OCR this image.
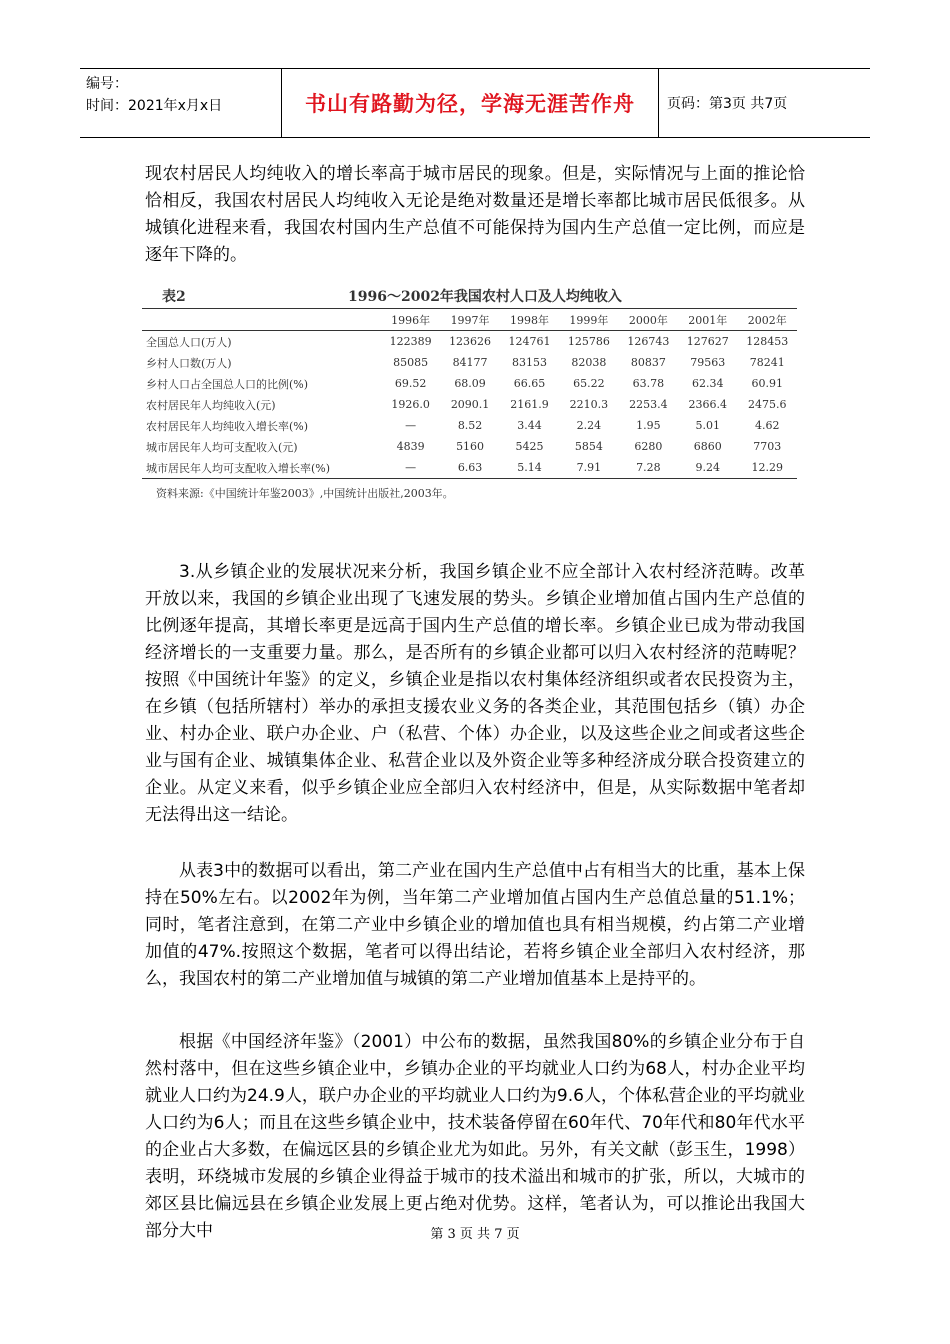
编号：
时间：2021年x月x日	书山有路勤为径，学海无涯苦作舟	页码：第3页 共7页
现农村居民人均纯收入的增长率高于城市居民的现象。但是，实际情况与上面的推论恰恰相反，我国农村居民人均纯收入无论是绝对数量还是增长率都比城市居民低很多。从城镇化进程来看，我国农村国内生产总值不可能保持为国内生产总值一定比例，而应是逐年下降的。
表2	1996～2002年我国农村人口及人均纯收入
	1996年	1997年	1998年	1999年	2000年	2001年	2002年
全国总人口(万人)	122389	123626	124761	125786	126743	127627	128453
乡村人口数(万人)	85085	84177	83153	82038	80837	79563	78241
乡村人口占全国总人口的比例(%)	69.52	68.09	66.65	65.22	63.78	62.34	60.91
农村居民年人均纯收入(元)	1926.0	2090.1	2161.9	2210.3	2253.4	2366.4	2475.6
农村居民年人均纯收入增长率(%)	—	8.52	3.44	2.24	1.95	5.01	4.62
城市居民年人均可支配收入(元)	4839	5160	5425	5854	6280	6860	7703
城市居民年人均可支配收入增长率(%)	—	6.63	5.14	7.91	7.28	9.24	12.29
资料来源:《中国统计年鉴2003》,中国统计出版社,2003年。
3.从乡镇企业的发展状况来分析，我国乡镇企业不应全部计入农村经济范畴。改革开放以来，我国的乡镇企业出现了飞速发展的势头。乡镇企业增加值占国内生产总值的比例逐年提高，其增长率更是远高于国内生产总值的增长率。乡镇企业已成为带动我国经济增长的一支重要力量。那么，是否所有的乡镇企业都可以归入农村经济的范畴呢？按照《中国统计年鉴》的定义，乡镇企业是指以农村集体经济组织或者农民投资为主，在乡镇（包括所辖村）举办的承担支援农业义务的各类企业，其范围包括乡（镇）办企业、村办企业、联户办企业、户（私营、个体）办企业，以及这些企业之间或者这些企业与国有企业、城镇集体企业、私营企业以及外资企业等多种经济成分联合投资建立的企业。从定义来看，似乎乡镇企业应全部归入农村经济中，但是，从实际数据中笔者却无法得出这一结论。
从表3中的数据可以看出，第二产业在国内生产总值中占有相当大的比重，基本上保持在50%左右。以2002年为例，当年第二产业增加值占国内生产总值总量的51.1%；同时，笔者注意到，在第二产业中乡镇企业的增加值也具有相当规模，约占第二产业增加值的47%.按照这个数据，笔者可以得出结论，若将乡镇企业全部归入农村经济，那么，我国农村的第二产业增加值与城镇的第二产业增加值基本上是持平的。
根据《中国经济年鉴》（2001）中公布的数据，虽然我国80%的乡镇企业分布于自然村落中，但在这些乡镇企业中，乡镇办企业的平均就业人口约为68人，村办企业平均就业人口约为24.9人，联户办企业的平均就业人口约为9.6人，个体私营企业的平均就业人口约为6人；而且在这些乡镇企业中，技术装备停留在60年代、70年代和80年代水平的企业占大多数，在偏远区县的乡镇企业尤为如此。另外，有关文献（彭玉生，1998）表明，环绕城市发展的乡镇企业得益于城市的技术溢出和城市的扩张，所以，大城市的郊区县比偏远县在乡镇企业发展上更占绝对优势。这样，笔者认为，可以推论出我国大部分大中	第 3 页 共 7 页
